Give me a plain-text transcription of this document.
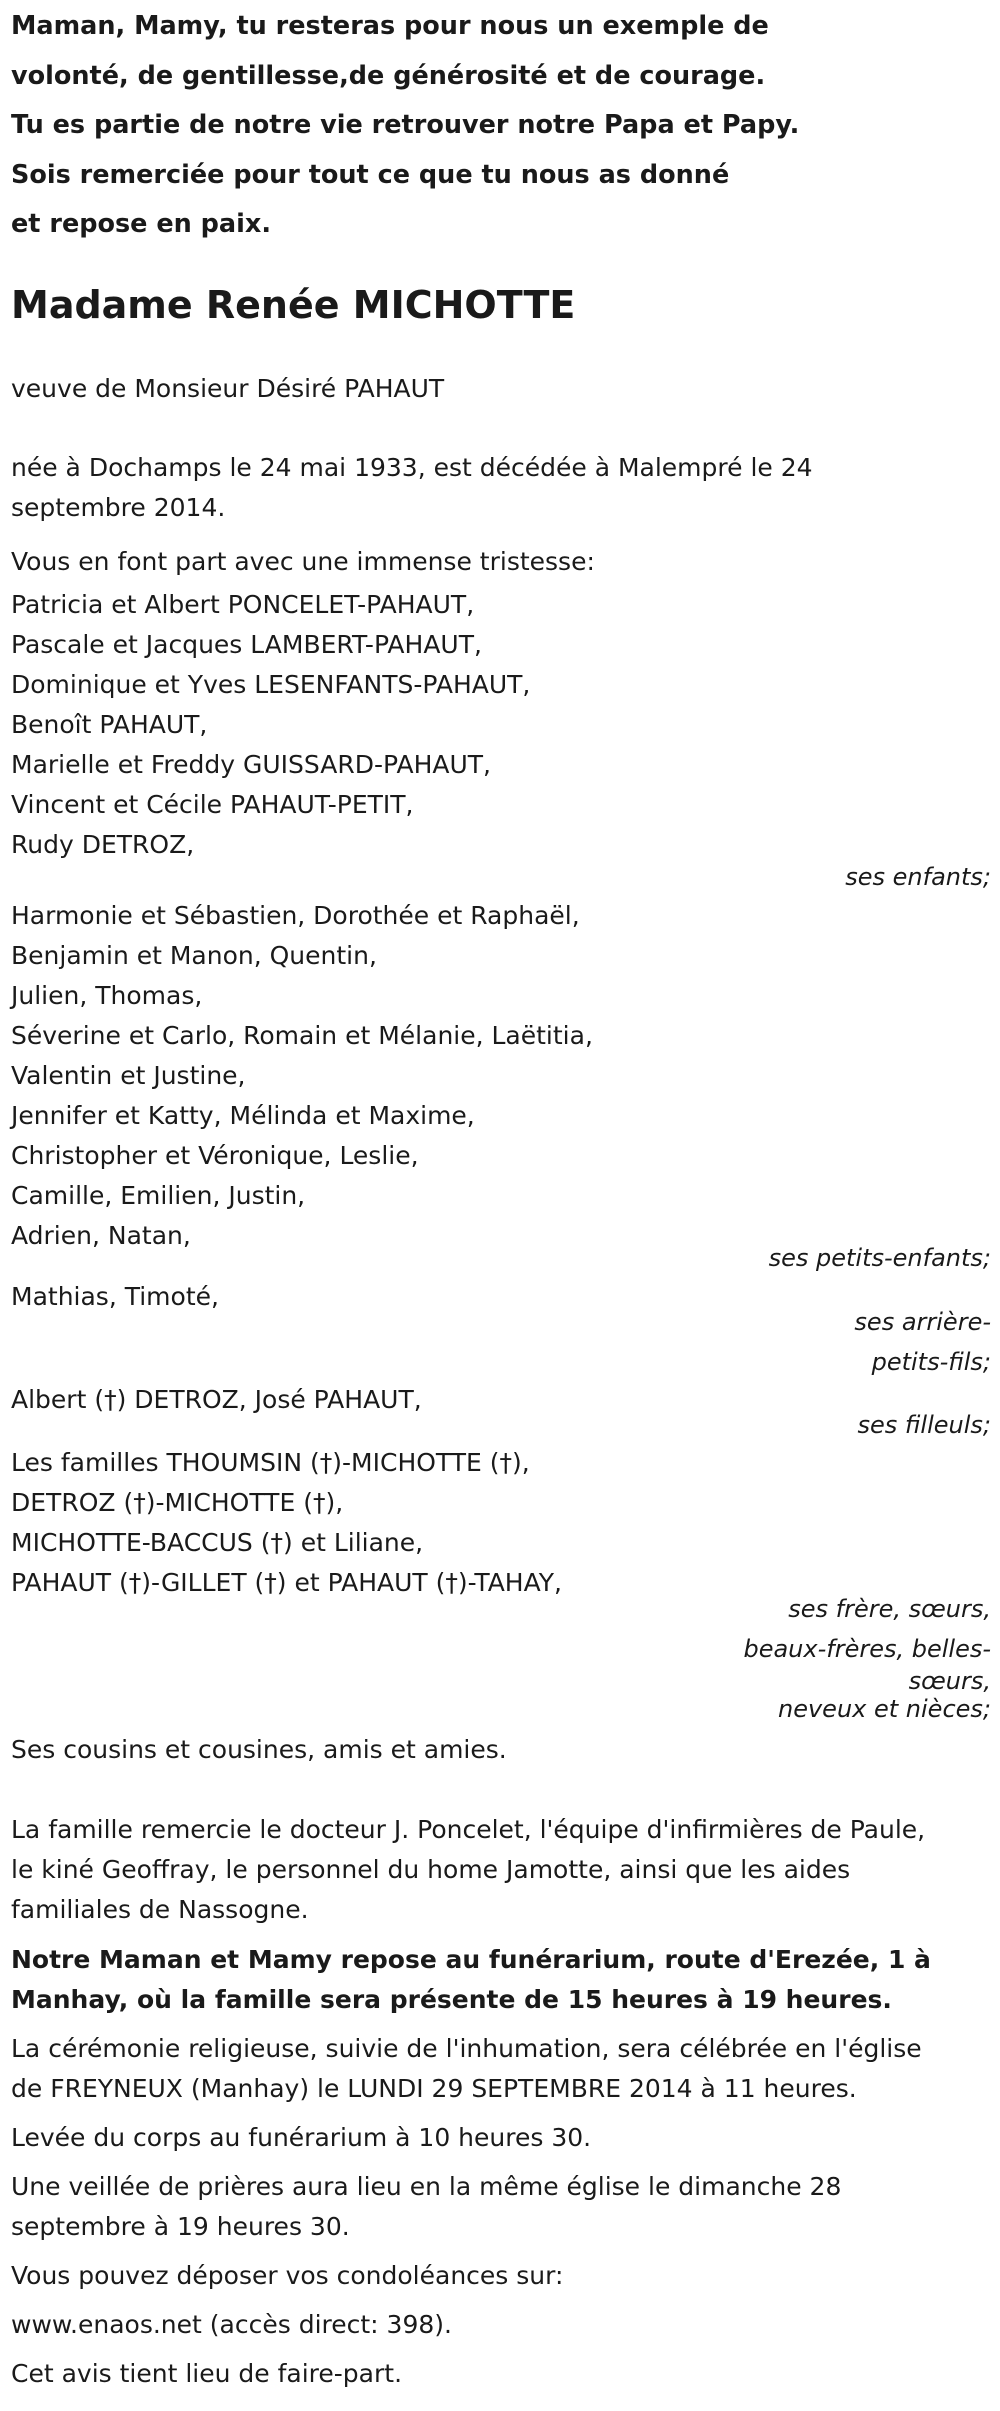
Maman, Mamy, tu resteras pour nous un exemple de
volonté, de gentillesse,de générosité et de courage.
Tu es partie de notre vie retrouver notre Papa et Papy.
Sois remerciée pour tout ce que tu nous as donné
et repose en paix.
Madame Renée MICHOTTE
veuve de Monsieur Désiré PAHAUT
née à Dochamps le 24 mai 1933, est décédée à Malempré le 24
septembre 2014.
Vous en font part avec une immense tristesse:
Patricia et Albert PONCELET-PAHAUT,
Pascale et Jacques LAMBERT-PAHAUT,
Dominique et Yves LESENFANTS-PAHAUT,
Benoît PAHAUT,
Marielle et Freddy GUISSARD-PAHAUT,
Vincent et Cécile PAHAUT-PETIT,
Rudy DETROZ,
ses enfants;
Harmonie et Sébastien, Dorothée et Raphaël,
Benjamin et Manon, Quentin,
Julien, Thomas,
Séverine et Carlo, Romain et Mélanie, Laëtitia,
Valentin et Justine,
Jennifer et Katty, Mélinda et Maxime,
Christopher et Véronique, Leslie,
Camille, Emilien, Justin,
Adrien, Natan,
ses petits-enfants;
Mathias, Timoté,
ses arrière-
petits-fils;
Albert (†) DETROZ, José PAHAUT,
ses filleuls;
Les familles THOUMSIN (†)-MICHOTTE (†),
DETROZ (†)-MICHOTTE (†),
MICHOTTE-BACCUS (†) et Liliane,
PAHAUT (†)-GILLET (†) et PAHAUT (†)-TAHAY,
ses frère, sœurs,
beaux-frères, belles-
sœurs,
neveux et nièces;
Ses cousins et cousines, amis et amies.
La famille remercie le docteur J. Poncelet, l'équipe d'infirmières de Paule,
le kiné Geoffray, le personnel du home Jamotte, ainsi que les aides
familiales de Nassogne.
Notre Maman et Mamy repose au funérarium, route d'Erezée, 1 à
Manhay, où la famille sera présente de 15 heures à 19 heures.
La cérémonie religieuse, suivie de l'inhumation, sera célébrée en l'église
de FREYNEUX (Manhay) le LUNDI 29 SEPTEMBRE 2014 à 11 heures.
Levée du corps au funérarium à 10 heures 30.
Une veillée de prières aura lieu en la même église le dimanche 28
septembre à 19 heures 30.
Vous pouvez déposer vos condoléances sur:
www.enaos.net (accès direct: 398).
Cet avis tient lieu de faire-part.
